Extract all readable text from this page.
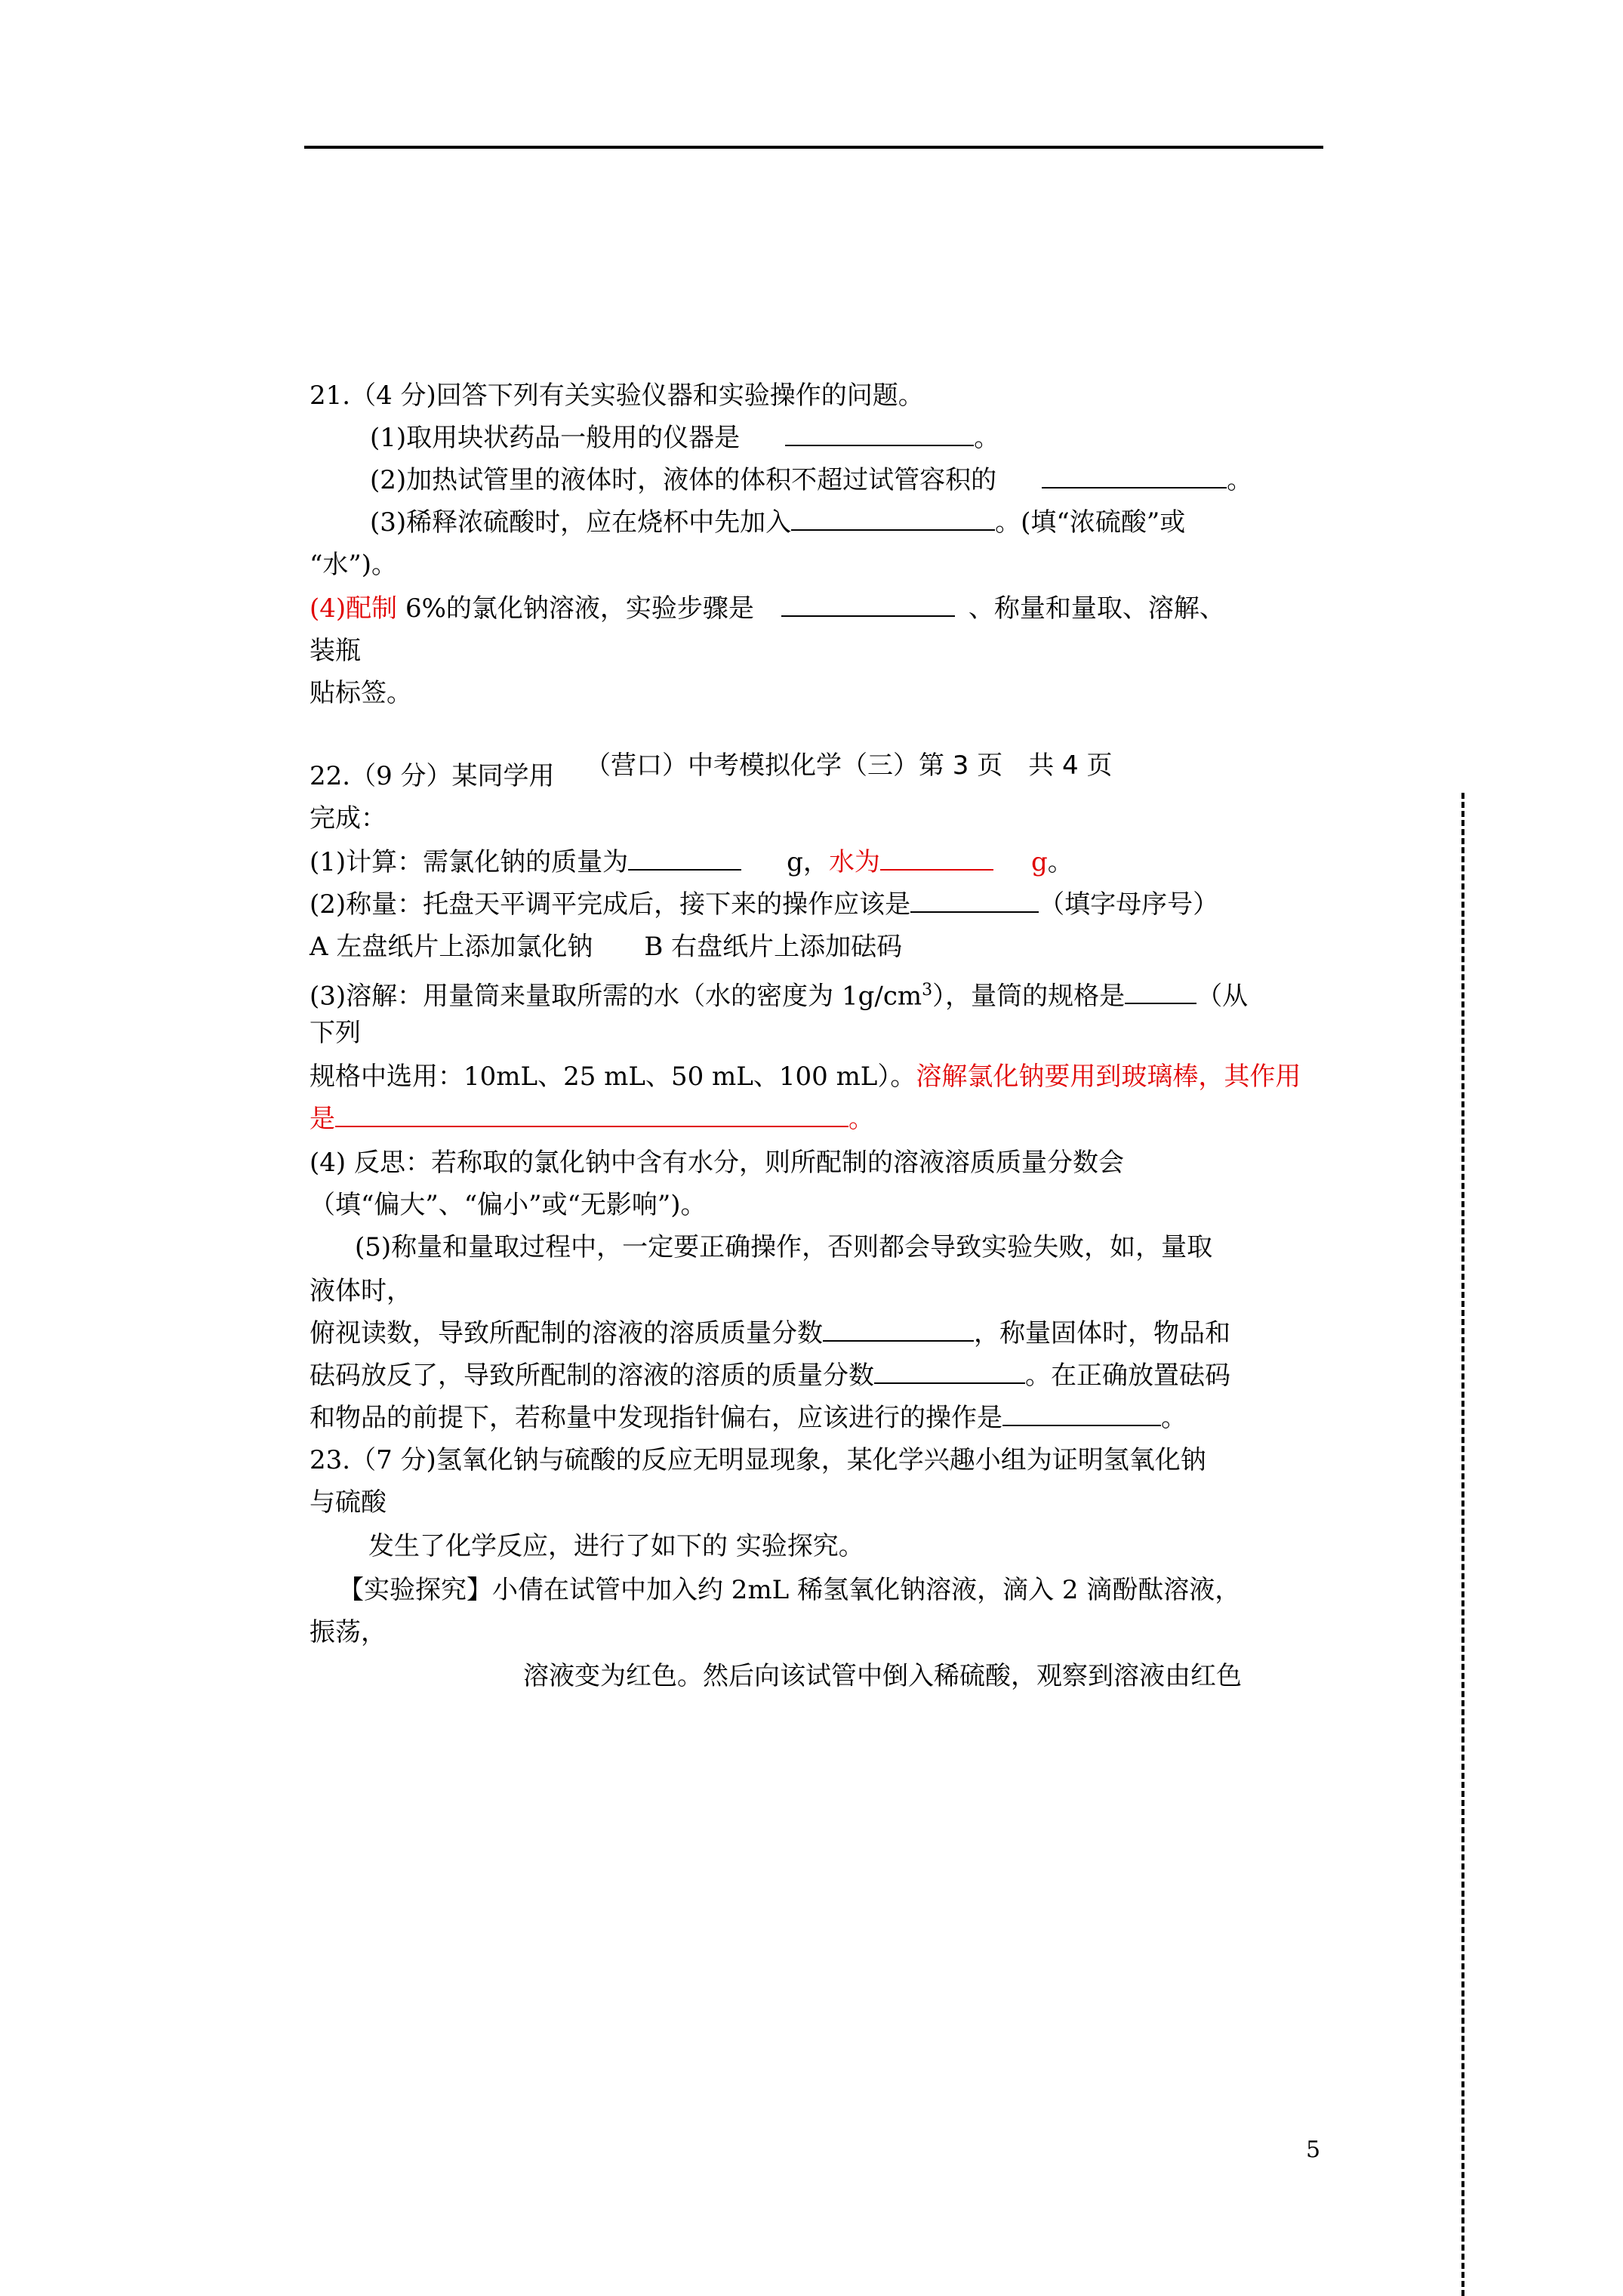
21.（4 分)回答下列有关实验仪器和实验操作的问题。
(1)取用块状药品一般用的仪器是	。
(2)加热试管里的液体时，液体的体积不超过试管容积的	。
(3)稀释浓硫酸时，应在烧杯中先加入	。(填“浓硫酸”或
“水”)。
(4)配制 6%的氯化钠溶液，实验步骤是	、称量和量取、溶解、
装瓶
贴标签。
22.（9 分）某同学用 （营口）中考模拟化学（三）第 3 页　共 4 页
完成：
(1)计算：需氯化钠的质量为	g，水为	g。
(2)称量：托盘天平调平完成后，接下来的操作应该是	（填字母序号）
A 左盘纸片上添加氯化钠　　B 右盘纸片上添加砝码
(3)溶解：用量筒来量取所需的水（水的密度为 $1g/cm^3$），量筒的规格是	（从
下列
规格中选用：10mL、25 mL、50 mL、100 mL）。溶解氯化钠要用到玻璃棒，其作用
是	。
(4) 反思：若称取的氯化钠中含有水分，则所配制的溶液溶质质量分数会
（填“偏大”、“偏小”或“无影响”)。
(5)称量和量取过程中，一定要正确操作，否则都会导致实验失败，如，量取
液体时，
俯视读数，导致所配制的溶液的溶质质量分数	，称量固体时，物品和
砝码放反了，导致所配制的溶液的溶质的质量分数	。在正确放置砝码
和物品的前提下，若称量中发现指针偏右，应该进行的操作是	。
23.（7 分)氢氧化钠与硫酸的反应无明显现象，某化学兴趣小组为证明氢氧化钠
与硫酸
发生了化学反应，进行了如下的 实验探究。
【实验探究】小倩在试管中加入约 2mL 稀氢氧化钠溶液，滴入 2 滴酚酞溶液，
振荡，
溶液变为红色。然后向该试管中倒入稀硫酸，观察到溶液由红色
5
